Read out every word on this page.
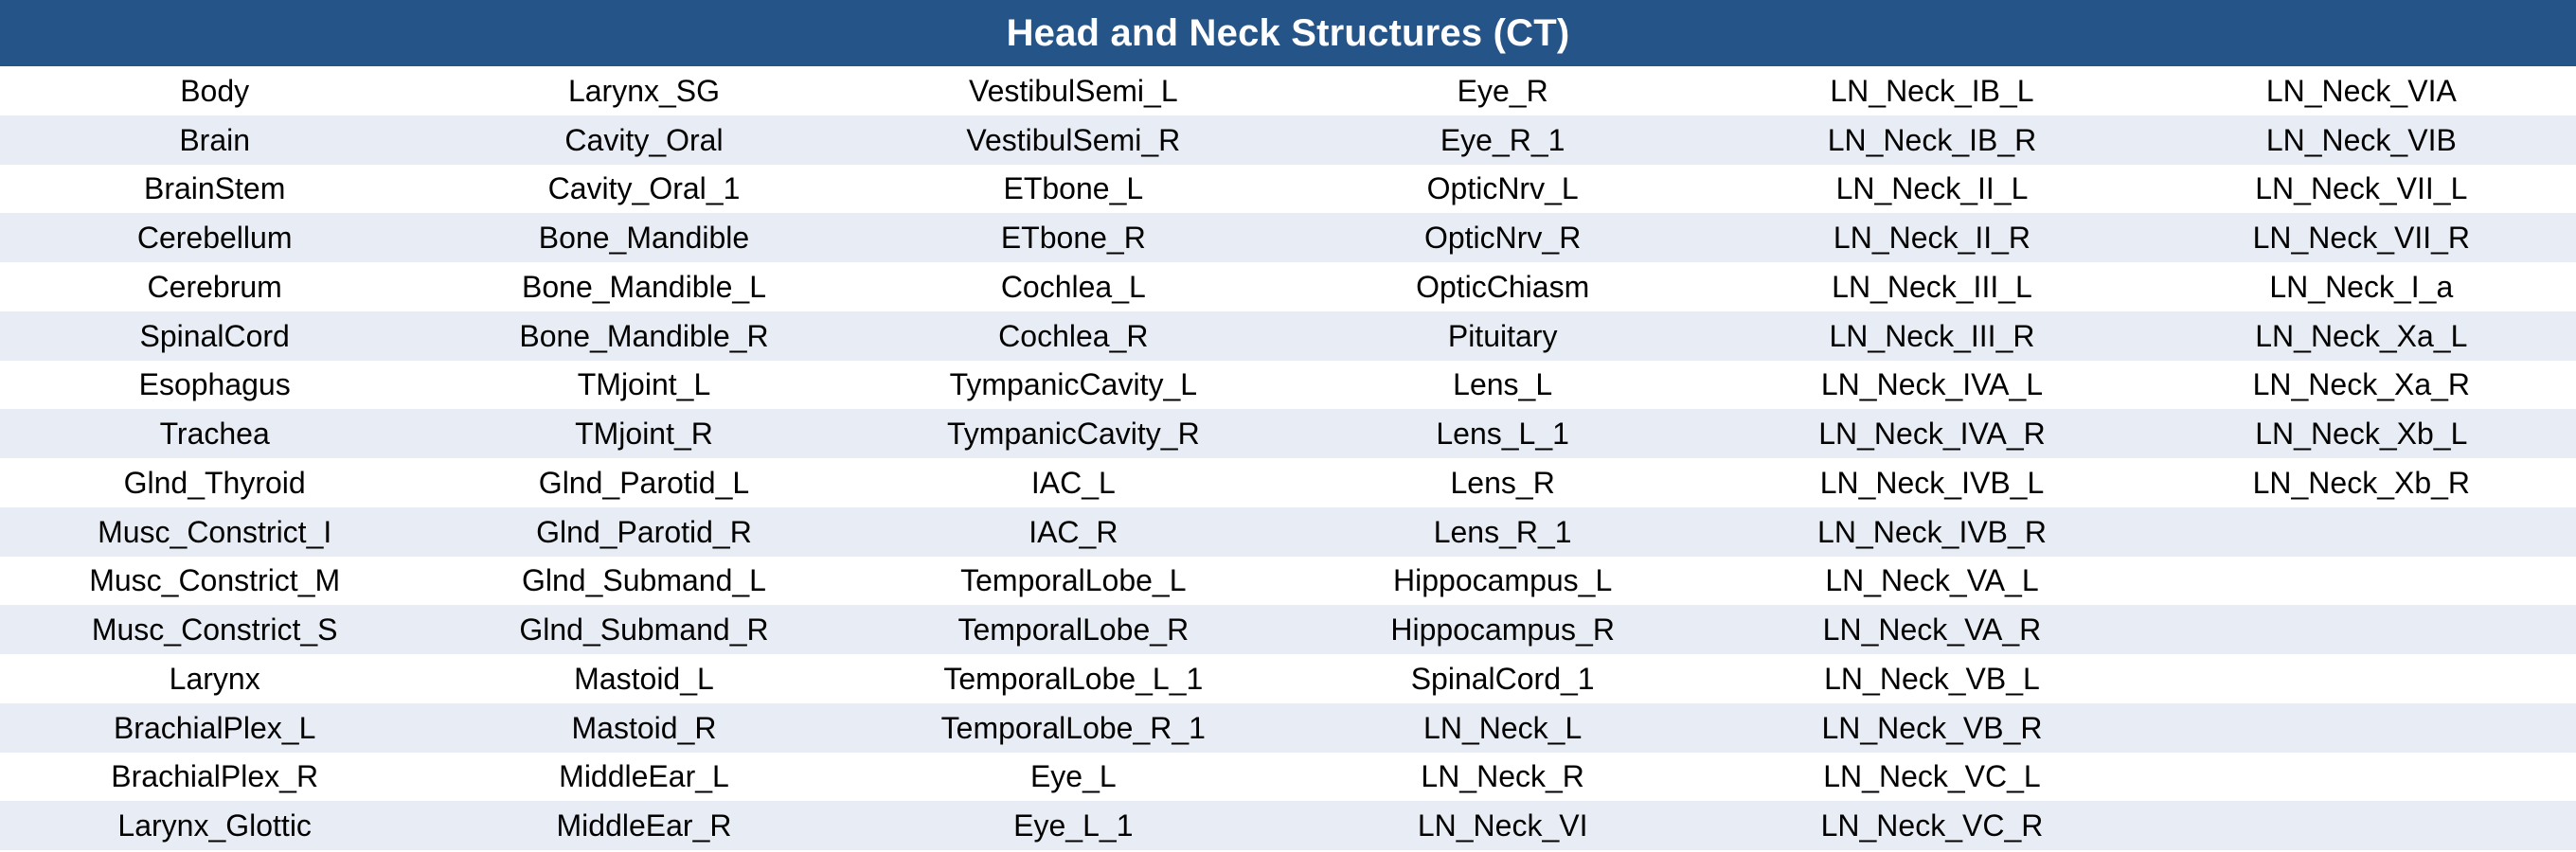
Head and Neck Structures (CT)
Body	Larynx_SG	VestibulSemi_L	Eye_R	LN_Neck_IB_L	LN_Neck_VIA
Brain	Cavity_Oral	VestibulSemi_R	Eye_R_1	LN_Neck_IB_R	LN_Neck_VIB
BrainStem	Cavity_Oral_1	ETbone_L	OpticNrv_L	LN_Neck_II_L	LN_Neck_VII_L
Cerebellum	Bone_Mandible	ETbone_R	OpticNrv_R	LN_Neck_II_R	LN_Neck_VII_R
Cerebrum	Bone_Mandible_L	Cochlea_L	OpticChiasm	LN_Neck_III_L	LN_Neck_I_a
SpinalCord	Bone_Mandible_R	Cochlea_R	Pituitary	LN_Neck_III_R	LN_Neck_Xa_L
Esophagus	TMjoint_L	TympanicCavity_L	Lens_L	LN_Neck_IVA_L	LN_Neck_Xa_R
Trachea	TMjoint_R	TympanicCavity_R	Lens_L_1	LN_Neck_IVA_R	LN_Neck_Xb_L
Glnd_Thyroid	Glnd_Parotid_L	IAC_L	Lens_R	LN_Neck_IVB_L	LN_Neck_Xb_R
Musc_Constrict_I	Glnd_Parotid_R	IAC_R	Lens_R_1	LN_Neck_IVB_R
Musc_Constrict_M	Glnd_Submand_L	TemporalLobe_L	Hippocampus_L	LN_Neck_VA_L
Musc_Constrict_S	Glnd_Submand_R	TemporalLobe_R	Hippocampus_R	LN_Neck_VA_R
Larynx	Mastoid_L	TemporalLobe_L_1	SpinalCord_1	LN_Neck_VB_L
BrachialPlex_L	Mastoid_R	TemporalLobe_R_1	LN_Neck_L	LN_Neck_VB_R
BrachialPlex_R	MiddleEar_L	Eye_L	LN_Neck_R	LN_Neck_VC_L
Larynx_Glottic	MiddleEar_R	Eye_L_1	LN_Neck_VI	LN_Neck_VC_R
